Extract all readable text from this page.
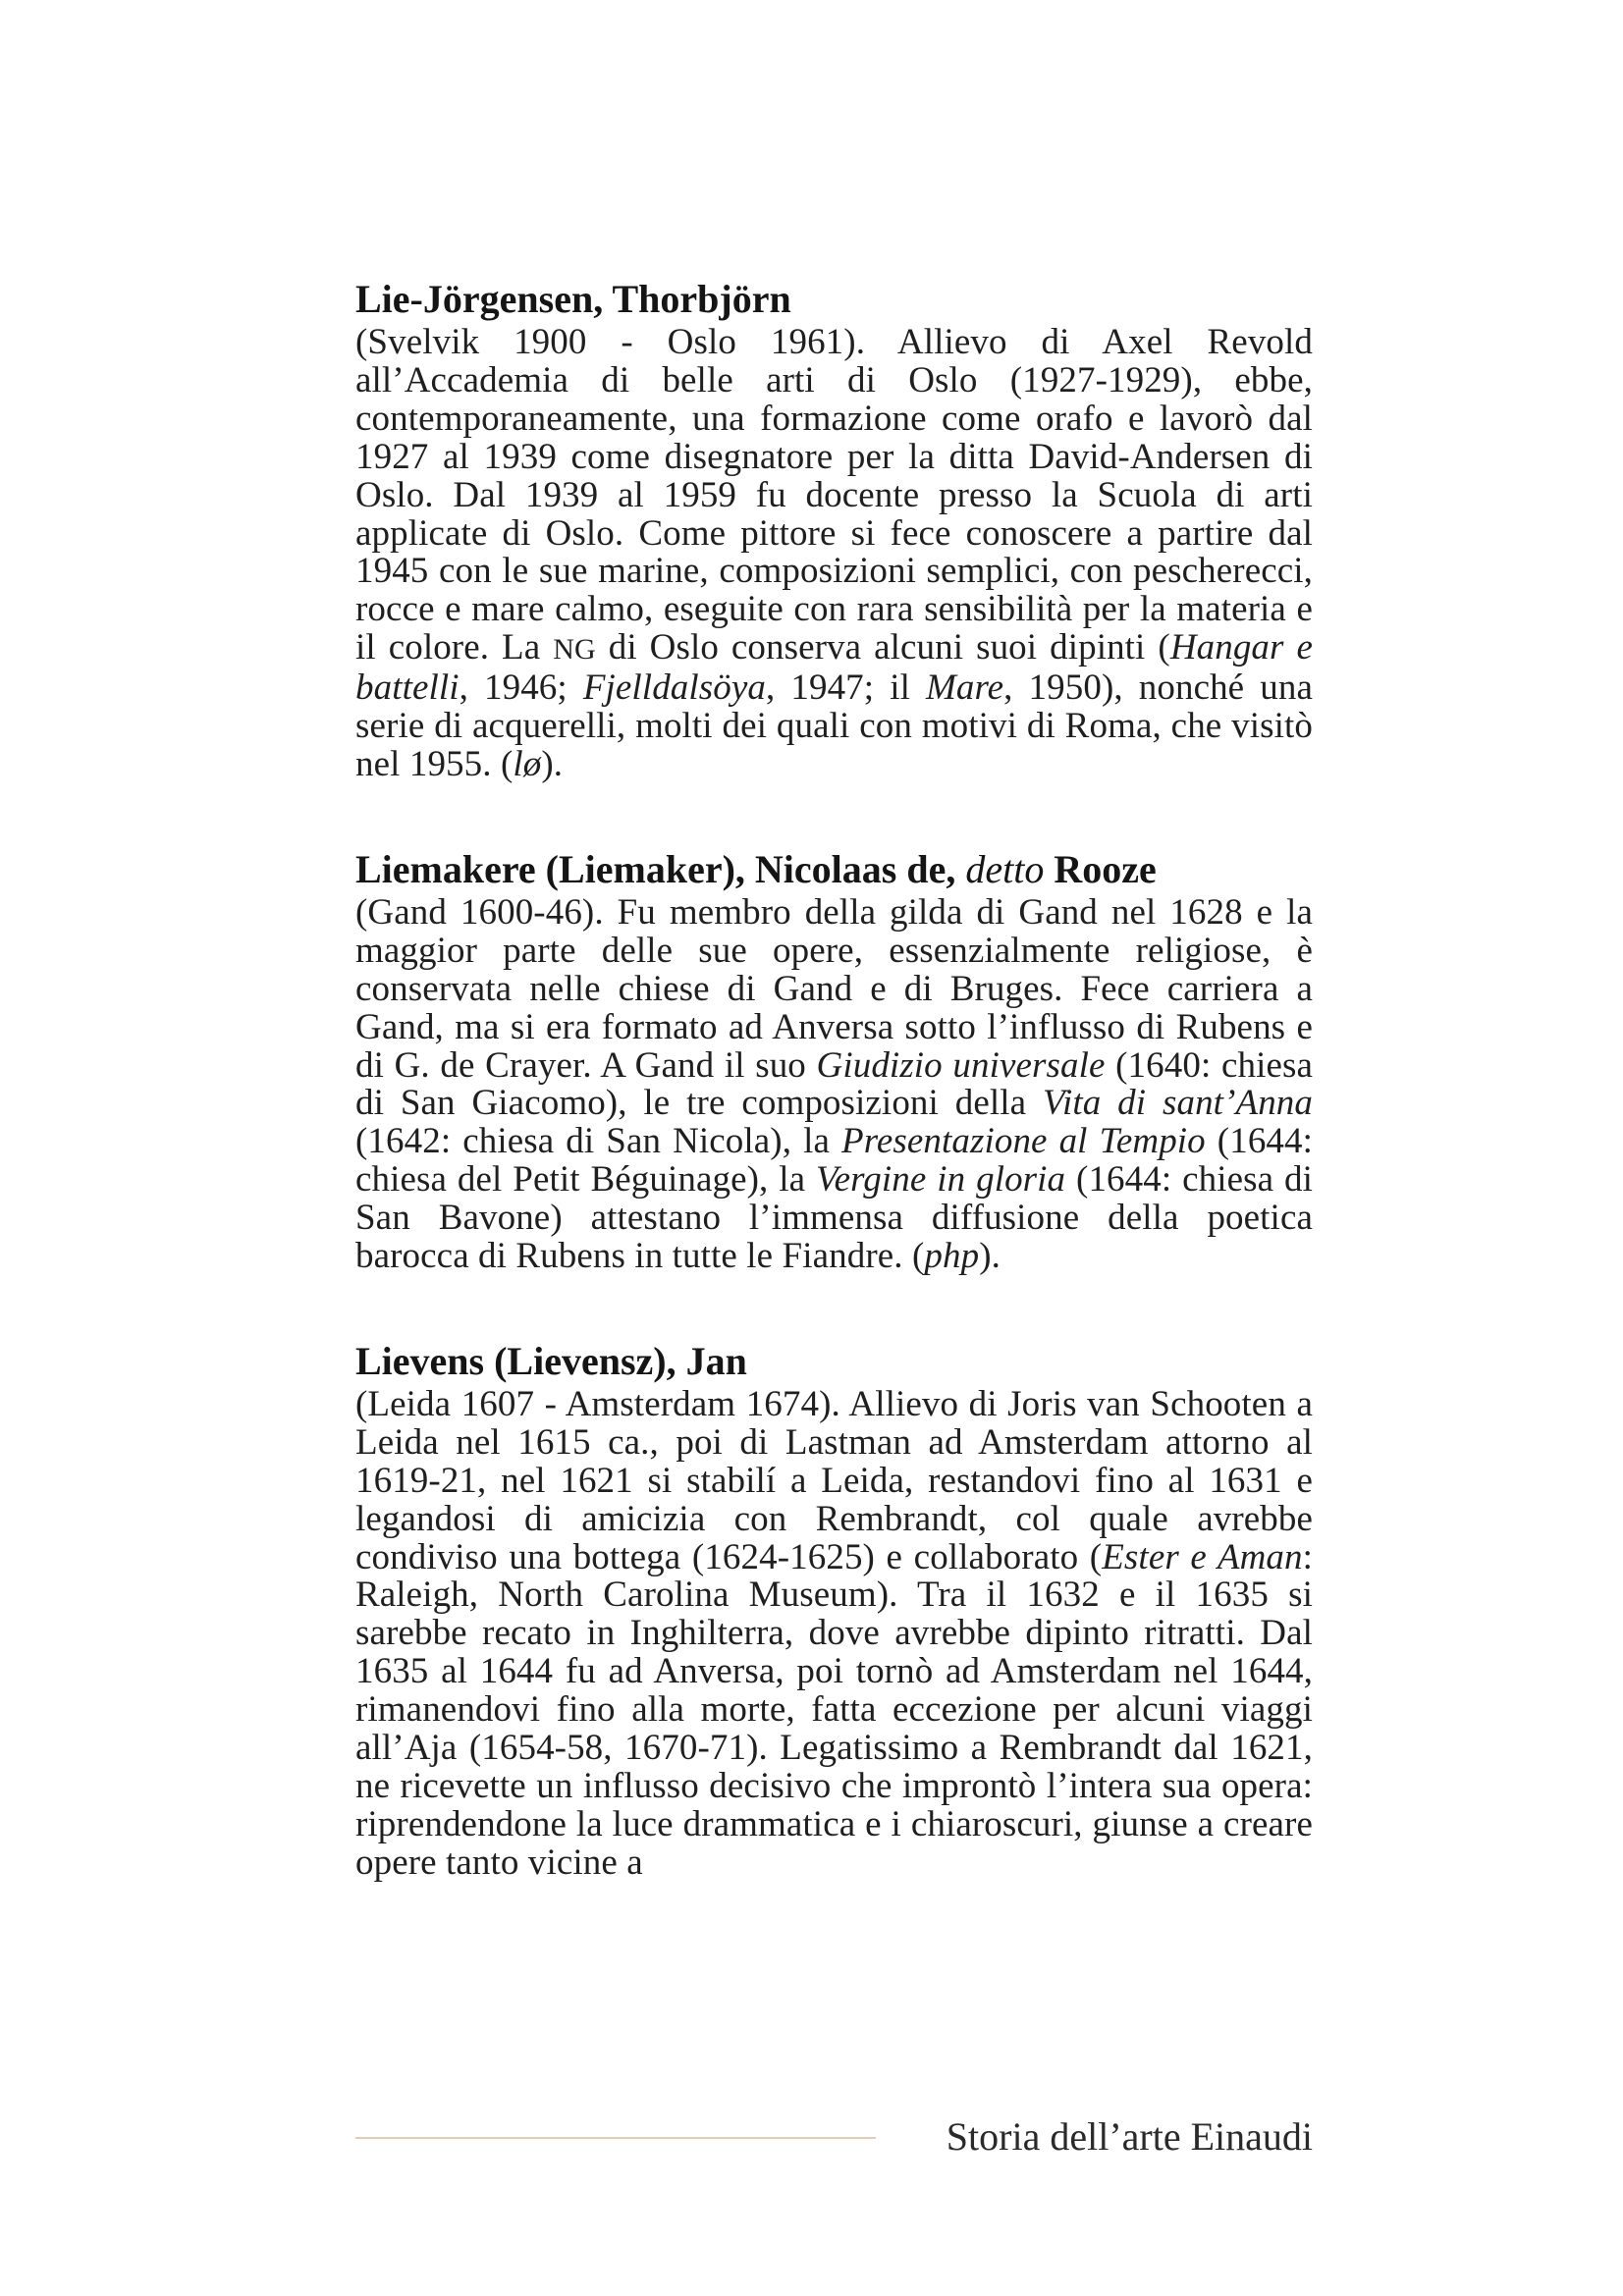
Lie-Jörgensen, Thorbjörn

(Svelvik 1900 - Oslo 1961). Allievo di Axel Revold all’Accademia di belle arti di Oslo (1927-1929), ebbe, contemporaneamente, una formazione come orafo e lavorò dal 1927 al 1939 come disegnatore per la ditta David-Andersen di Oslo. Dal 1939 al 1959 fu docente presso la Scuola di arti applicate di Oslo. Come pittore si fece conoscere a partire dal 1945 con le sue marine, composizioni semplici, con pescherecci, rocce e mare calmo, eseguite con rara sensibilità per la materia e il colore. La NG di Oslo conserva alcuni suoi dipinti (Hangar e battelli, 1946; Fjelldalsöya, 1947; il Mare, 1950), nonché una serie di acquerelli, molti dei quali con motivi di Roma, che visitò nel 1955. (lø).

Liemakere (Liemaker), Nicolaas de, detto Rooze

(Gand 1600-46). Fu membro della gilda di Gand nel 1628 e la maggior parte delle sue opere, essenzialmente religiose, è conservata nelle chiese di Gand e di Bruges. Fece carriera a Gand, ma si era formato ad Anversa sotto l’influsso di Rubens e di G. de Crayer. A Gand il suo Giudizio universale (1640: chiesa di San Giacomo), le tre composizioni della Vita di sant’Anna (1642: chiesa di San Nicola), la Presentazione al Tempio (1644: chiesa del Petit Béguinage), la Vergine in gloria (1644: chiesa di San Bavone) attestano l’immensa diffusione della poetica barocca di Rubens in tutte le Fiandre. (php).

Lievens (Lievensz), Jan

(Leida 1607 - Amsterdam 1674). Allievo di Joris van Schooten a Leida nel 1615 ca., poi di Lastman ad Amsterdam attorno al 1619-21, nel 1621 si stabilí a Leida, restandovi fino al 1631 e legandosi di amicizia con Rembrandt, col quale avrebbe condiviso una bottega (1624-1625) e collaborato (Ester e Aman: Raleigh, North Carolina Museum). Tra il 1632 e il 1635 si sarebbe recato in Inghilterra, dove avrebbe dipinto ritratti. Dal 1635 al 1644 fu ad Anversa, poi tornò ad Amsterdam nel 1644, rimanendovi fino alla morte, fatta eccezione per alcuni viaggi all’Aja (1654-58, 1670-71). Legatissimo a Rembrandt dal 1621, ne ricevette un influsso decisivo che improntò l’intera sua opera: riprendendone la luce drammatica e i chiaroscuri, giunse a creare opere tanto vicine a

Storia dell’arte Einaudi
